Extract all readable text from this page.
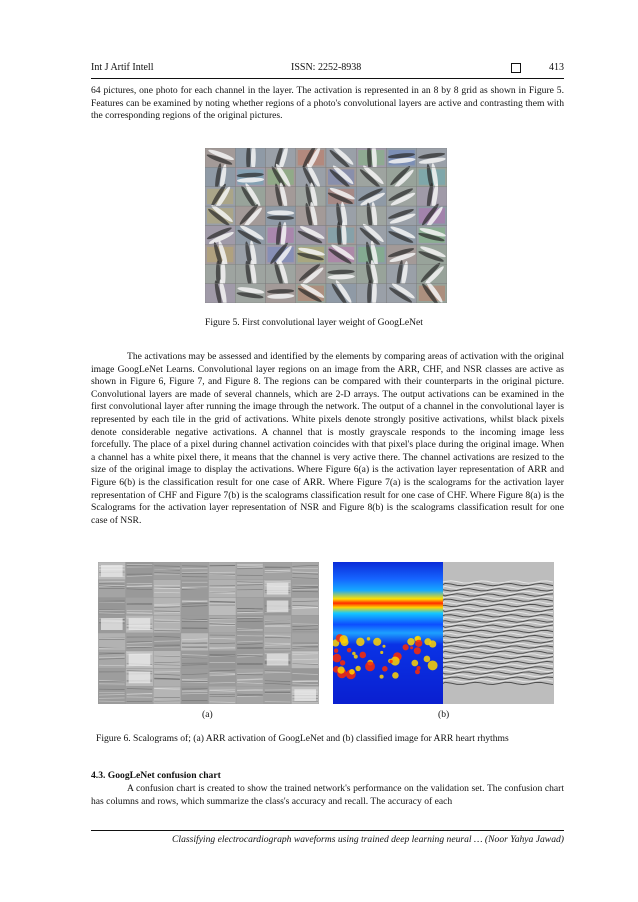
Int J Artif Intell	ISSN: 2252-8938	413

64 pictures, one photo for each channel in the layer. The activation is represented in an 8 by 8 grid as shown in Figure 5. Features can be examined by noting whether regions of a photo's convolutional layers are active and contrasting them with the corresponding regions of the original pictures.

Figure 5. First convolutional layer weight of GoogLeNet

The activations may be assessed and identified by the elements by comparing areas of activation with the original image GoogLeNet Learns. Convolutional layer regions on an image from the ARR, CHF, and NSR classes are active as shown in Figure 6, Figure 7, and Figure 8. The regions can be compared with their counterparts in the original picture. Convolutional layers are made of several channels, which are 2-D arrays. The output activations can be examined in the first convolutional layer after running the image through the network. The output of a channel in the convolutional layer is represented by each tile in the grid of activations. White pixels denote strongly positive activations, whilst black pixels denote considerable negative activations. A channel that is mostly grayscale responds to the incoming image less forcefully. The place of a pixel during channel activation coincides with that pixel's place during the original image. When a channel has a white pixel there, it means that the channel is very active there. The channel activations are resized to the size of the original image to display the activations. Where Figure 6(a) is the activation layer representation of ARR and Figure 6(b) is the classification result for one case of ARR. Where Figure 7(a) is the scalograms for the activation layer representation of CHF and Figure 7(b) is the scalograms classification result for one case of CHF. Where Figure 8(a) is the Scalograms for the activation layer representation of NSR and Figure 8(b) is the scalograms classification result for one case of NSR.

(a)	(b)
Figure 6. Scalograms of; (a) ARR activation of GoogLeNet and (b) classified image for ARR heart rhythms
4.3. GoogLeNet confusion chart

A confusion chart is created to show the trained network's performance on the validation set. The confusion chart has columns and rows, which summarize the class's accuracy and recall. The accuracy of each

Classifying electrocardiograph waveforms using trained deep learning neural … (Noor Yahya Jawad)
